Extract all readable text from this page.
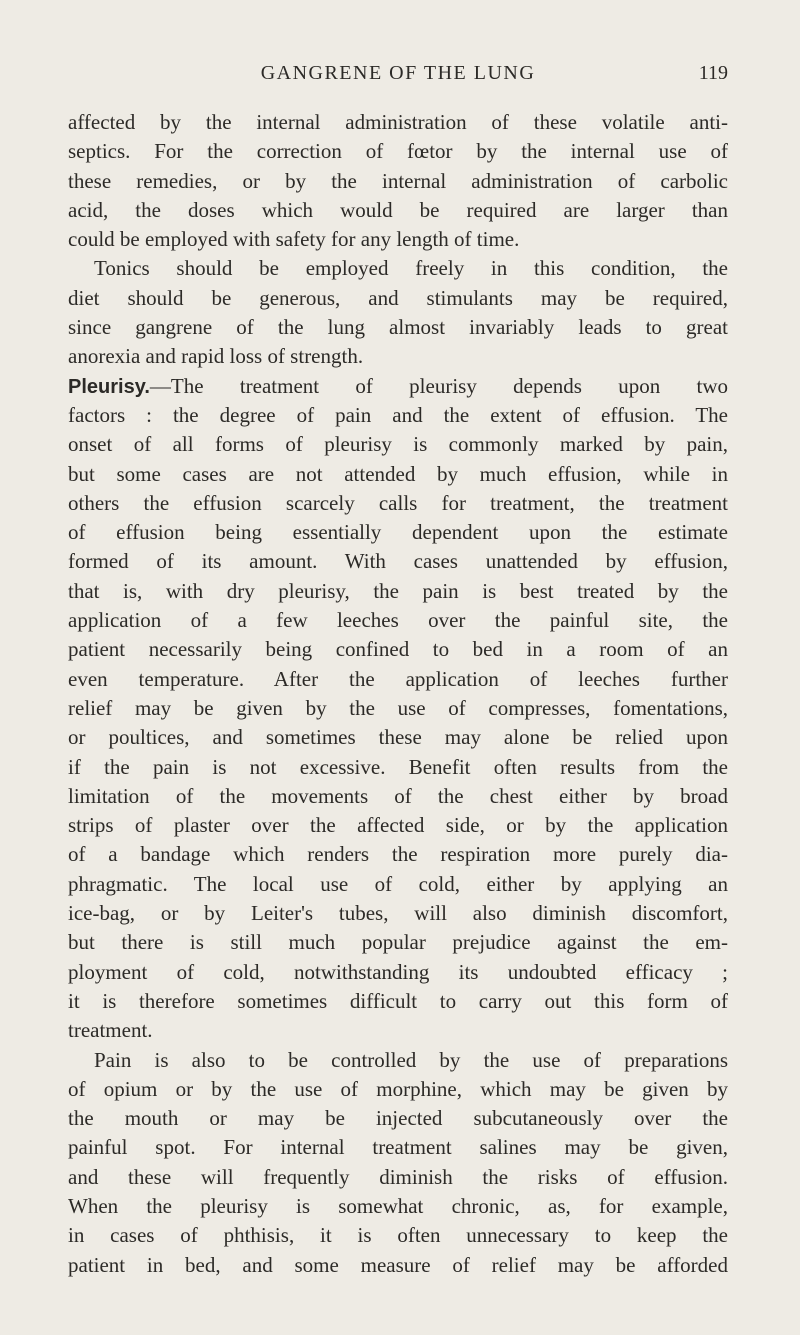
GANGRENE OF THE LUNG	119
affected by the internal administration of these volatile anti-
septics. For the correction of fœtor by the internal use of
these remedies, or by the internal administration of carbolic
acid, the doses which would be required are larger than
could be employed with safety for any length of time.
Tonics should be employed freely in this condition, the
diet should be generous, and stimulants may be required,
since gangrene of the lung almost invariably leads to great
anorexia and rapid loss of strength.
Pleurisy.—The treatment of pleurisy depends upon two
factors : the degree of pain and the extent of effusion. The
onset of all forms of pleurisy is commonly marked by pain,
but some cases are not attended by much effusion, while in
others the effusion scarcely calls for treatment, the treatment
of effusion being essentially dependent upon the estimate
formed of its amount. With cases unattended by effusion,
that is, with dry pleurisy, the pain is best treated by the
application of a few leeches over the painful site, the
patient necessarily being confined to bed in a room of an
even temperature. After the application of leeches further
relief may be given by the use of compresses, fomentations,
or poultices, and sometimes these may alone be relied upon
if the pain is not excessive. Benefit often results from the
limitation of the movements of the chest either by broad
strips of plaster over the affected side, or by the application
of a bandage which renders the respiration more purely dia-
phragmatic. The local use of cold, either by applying an
ice-bag, or by Leiter's tubes, will also diminish discomfort,
but there is still much popular prejudice against the em-
ployment of cold, notwithstanding its undoubted efficacy ;
it is therefore sometimes difficult to carry out this form of
treatment.
Pain is also to be controlled by the use of preparations
of opium or by the use of morphine, which may be given by
the mouth or may be injected subcutaneously over the
painful spot. For internal treatment salines may be given,
and these will frequently diminish the risks of effusion.
When the pleurisy is somewhat chronic, as, for example,
in cases of phthisis, it is often unnecessary to keep the
patient in bed, and some measure of relief may be afforded
